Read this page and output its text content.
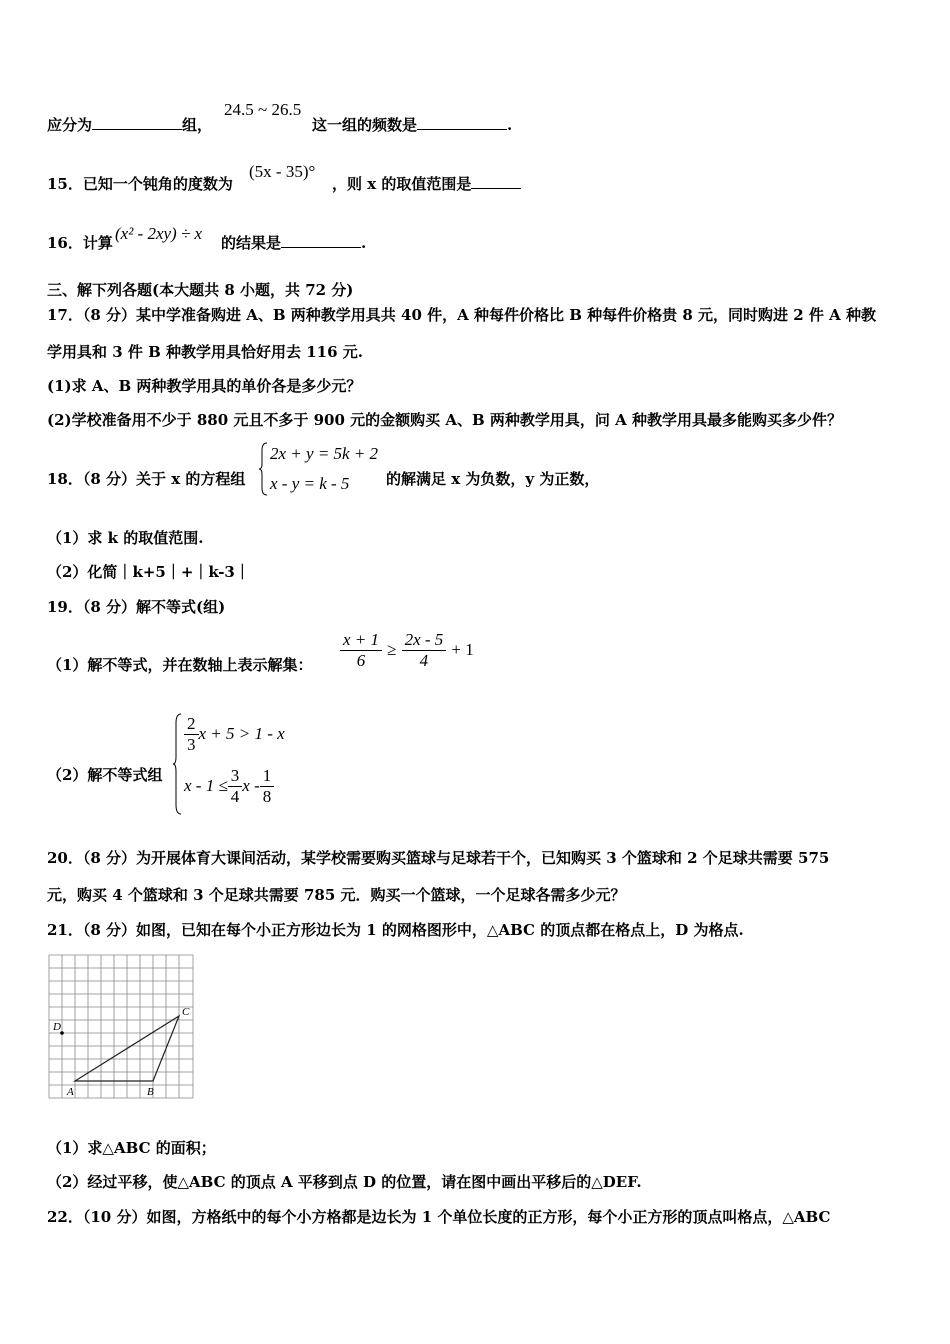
应分为	组，
24.5 ~ 26.5
这一组的频数是	.
15．已知一个钝角的度数为
(5x - 35)°
，则 x 的取值范围是
16．计算 (x² - 2xy) ÷ x 的结果是	.
三、解下列各题(本大题共 8 小题，共 72 分)
17．（8 分）某中学准备购进 A、B 两种教学用具共 40 件，A 种每件价格比 B 种每件价格贵 8 元，同时购进 2 件 A 种教
学用具和 3 件 B 种教学用具恰好用去 116 元.
(1)求 A、B 两种教学用具的单价各是多少元？
(2)学校准备用不少于 880 元且不多于 900 元的金额购买 A、B 两种教学用具，问 A 种教学用具最多能购买多少件？
18．（8 分）关于 x 的方程组
2x + y = 5k + 2
x - y = k - 5 的解满足 x 为负数，y 为正数，
（1）求 k 的取值范围.
（2）化简｜k+5｜+｜k-3｜
19．（8 分）解不等式(组)
（1）解不等式，并在数轴上表示解集： $\frac{x + 1}{6} \ge \frac{2x - 5}{4} + 1$
（2）解不等式组
$\frac{2}{3}$ x + 5 > 1 - x
$x - 1 \le \frac{3}{4}$ x - $\frac{1}{8}$
20．（8 分）为开展体育大课间活动，某学校需要购买篮球与足球若干个，已知购买 3 个篮球和 2 个足球共需要 575
元，购买 4 个篮球和 3 个足球共需要 785 元．购买一个篮球，一个足球各需多少元？
21．（8 分）如图，已知在每个小正方形边长为 1 的网格图形中，△ABC 的顶点都在格点上，D 为格点.
A	B
C
D
（1）求△ABC 的面积；
（2）经过平移，使△ABC 的顶点 A 平移到点 D 的位置，请在图中画出平移后的△DEF.
22．（10 分）如图，方格纸中的每个小方格都是边长为 1 个单位长度的正方形，每个小正方形的顶点叫格点，△ABC
